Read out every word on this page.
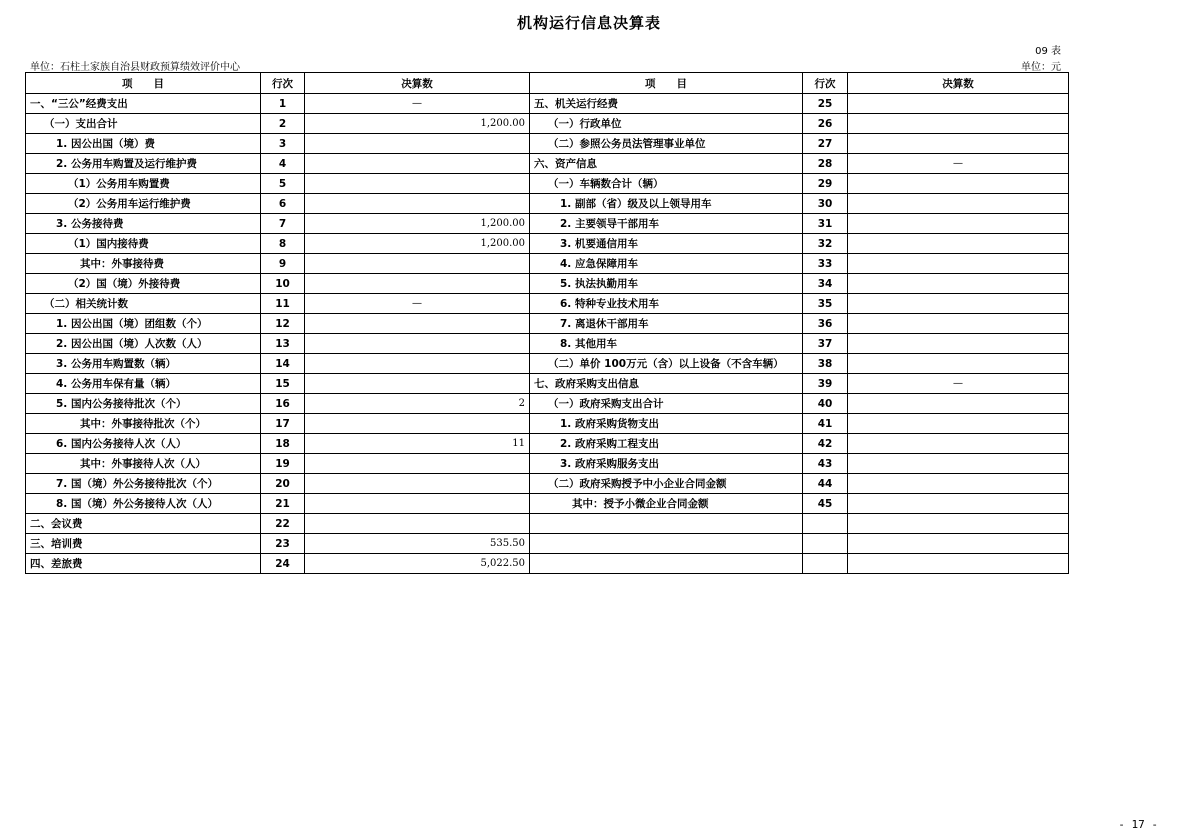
机构运行信息决算表
09 表
单位：石柱土家族自治县财政预算绩效评价中心	单位：元
项　　目	行次	决算数	项　　目	行次	决算数
一、“三公”经费支出	1	—	五、机关运行经费	25	
（一）支出合计	2	1,200.00	（一）行政单位	26	
1. 因公出国（境）费	3		（二）参照公务员法管理事业单位	27	
2. 公务用车购置及运行维护费	4		六、资产信息	28	—
（1）公务用车购置费	5		（一）车辆数合计（辆）	29	
（2）公务用车运行维护费	6		1. 副部（省）级及以上领导用车	30	
3. 公务接待费	7	1,200.00	2. 主要领导干部用车	31	
（1）国内接待费	8	1,200.00	3. 机要通信用车	32	
其中：外事接待费	9		4. 应急保障用车	33	
（2）国（境）外接待费	10		5. 执法执勤用车	34	
（二）相关统计数	11	—	6. 特种专业技术用车	35	
1. 因公出国（境）团组数（个）	12		7. 离退休干部用车	36	
2. 因公出国（境）人次数（人）	13		8. 其他用车	37	
3. 公务用车购置数（辆）	14		（二）单价 100万元（含）以上设备（不含车辆）	38	
4. 公务用车保有量（辆）	15		七、政府采购支出信息	39	—
5. 国内公务接待批次（个）	16	2	（一）政府采购支出合计	40	
其中：外事接待批次（个）	17		1. 政府采购货物支出	41	
6. 国内公务接待人次（人）	18	11	2. 政府采购工程支出	42	
其中：外事接待人次（人）	19		3. 政府采购服务支出	43	
7. 国（境）外公务接待批次（个）	20		（二）政府采购授予中小企业合同金额	44	
8. 国（境）外公务接待人次（人）	21		其中：授予小微企业合同金额	45	
二、会议费	22				
三、培训费	23	535.50			
四、差旅费	24	5,022.50			
- 17 -
